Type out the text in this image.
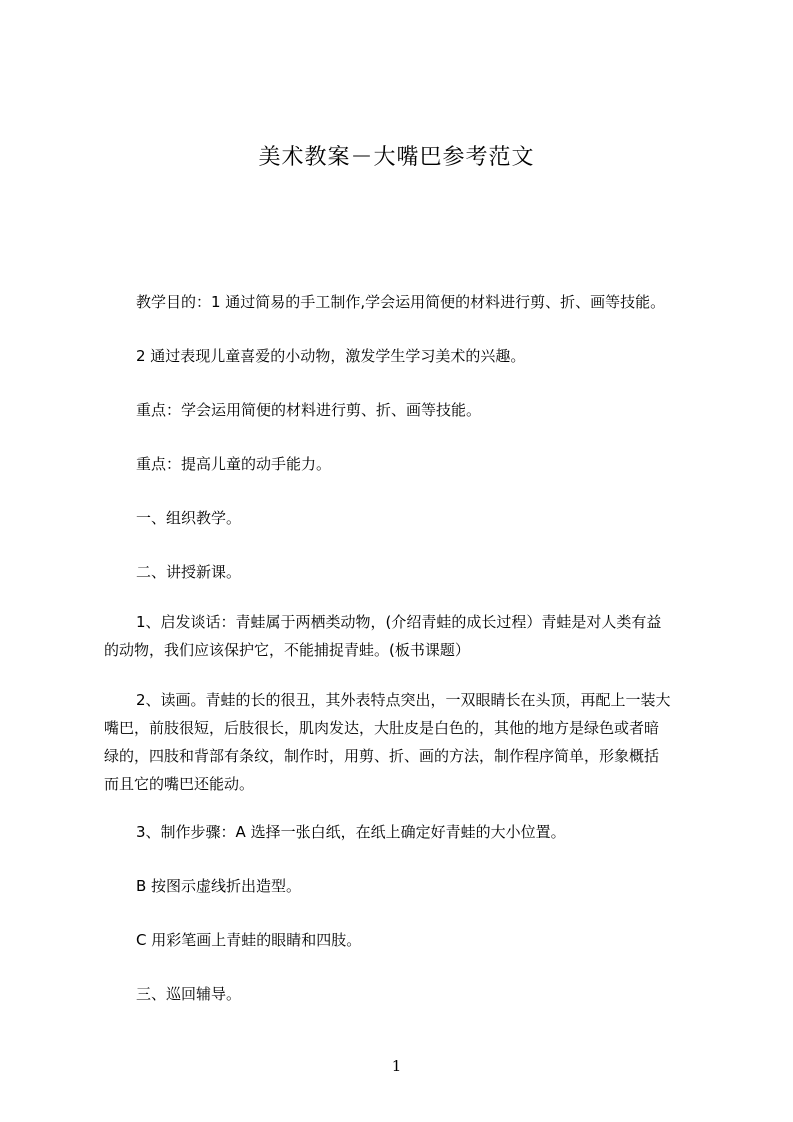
美术教案－大嘴巴参考范文
教学目的：1 通过简易的手工制作,学会运用简便的材料进行剪、折、画等技能。
2 通过表现儿童喜爱的小动物，激发学生学习美术的兴趣。
重点：学会运用简便的材料进行剪、折、画等技能。
重点：提高儿童的动手能力。
一、组织教学。
二、讲授新课。
1、启发谈话：青蛙属于两栖类动物，(介绍青蛙的成长过程）青蛙是对人类有益
的动物，我们应该保护它，不能捕捉青蛙。(板书课题）
2、读画。青蛙的长的很丑，其外表特点突出，一双眼睛长在头顶，再配上一装大
嘴巴，前肢很短，后肢很长，肌肉发达，大肚皮是白色的，其他的地方是绿色或者暗
绿的，四肢和背部有条纹，制作时，用剪、折、画的方法，制作程序简单，形象概括
而且它的嘴巴还能动。
3、制作步骤：A 选择一张白纸，在纸上确定好青蛙的大小位置。
B 按图示虚线折出造型。
C 用彩笔画上青蛙的眼睛和四肢。
三、巡回辅导。
1
